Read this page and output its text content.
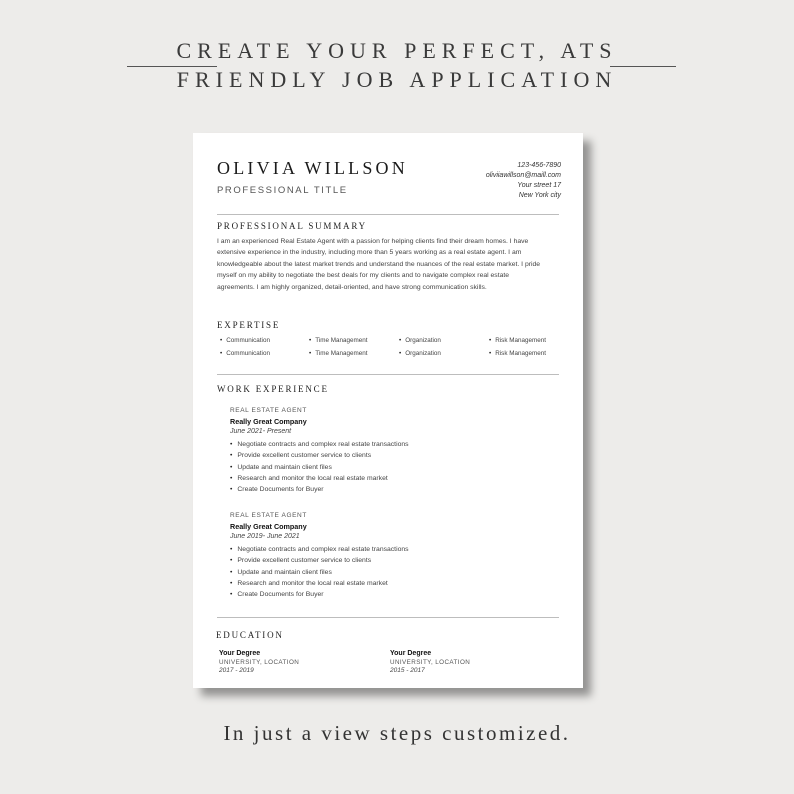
CREATE YOUR PERFECT, ATS
FRIENDLY JOB APPLICATION
OLIVIA WILLSON
PROFESSIONAL TITLE
123-456-7890
oliviiawillson@maill.com
Your street 17
New York city
PROFESSIONAL SUMMARY
I am an experienced Real Estate Agent with a passion for helping clients find their dream homes. I have extensive experience in the industry, including more than 5 years working as a real estate agent. I am knowledgeable about the latest market trends and understand the nuances of the real estate market. I pride myself on my ability to negotiate the best deals for my clients and to navigate complex real estate agreements. I am highly organized, detail-oriented, and have strong communication skills.
EXPERTISE
• Communication	• Time Management	• Organization	• Risk Management
• Communication	• Time Management	• Organization	• Risk Management
WORK EXPERIENCE
REAL ESTATE AGENT
Really Great Company
June 2021- Present
• Negotiate contracts and complex real estate transactions
• Provide excellent customer service to clients
• Update and maintain client files
• Research and monitor the local real estate market
• Create Documents for Buyer
REAL ESTATE AGENT
Really Great Company
June 2019- June 2021
• Negotiate contracts and complex real estate transactions
• Provide excellent customer service to clients
• Update and maintain client files
• Research and monitor the local real estate market
• Create Documents for Buyer
EDUCATION
Your Degree
UNIVERSITY, LOCATION
2017 - 2019
Your Degree
UNIVERSITY, LOCATION
2015 - 2017
In just a view steps customized.
